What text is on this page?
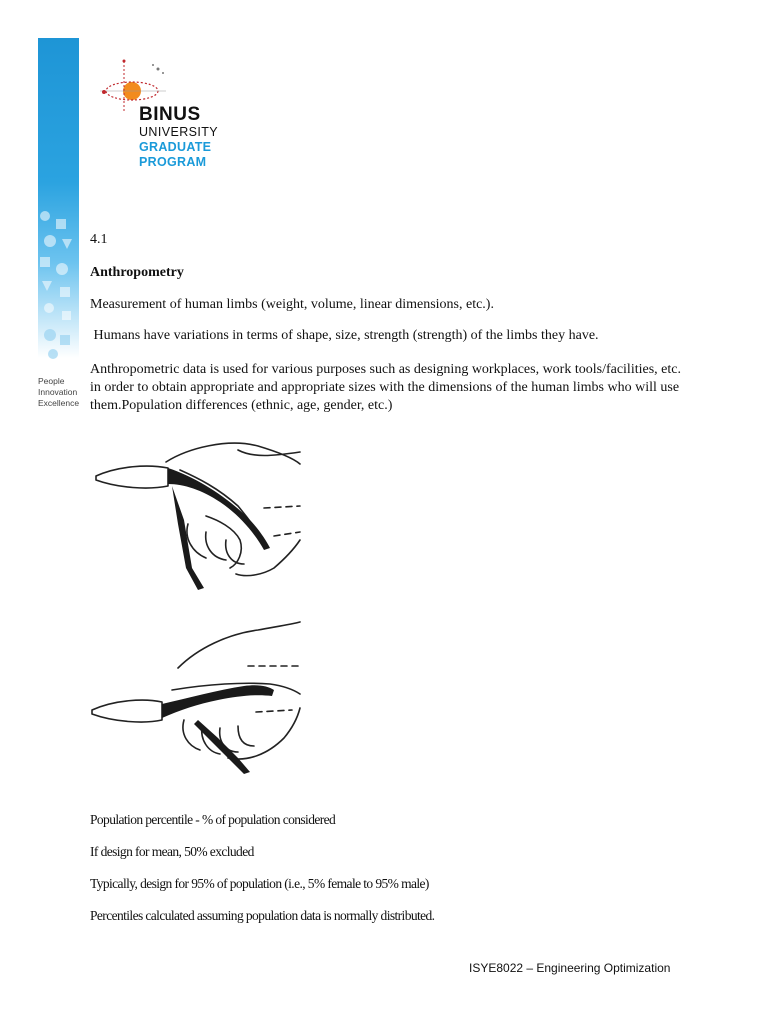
People
Innovation
Excellence
BINUS
UNIVERSITY
GRADUATE
PROGRAM
4.1
Anthropometry
Measurement of human limbs (weight, volume, linear dimensions, etc.).
Humans have variations in terms of shape, size, strength (strength) of the limbs they have.
Anthropometric data is used for various purposes such as designing workplaces, work tools/facilities, etc. in order to obtain appropriate and appropriate sizes with the dimensions of the human limbs who will use them.Population differences (ethnic, age, gender, etc.)
Population percentile - % of population considered
If design for mean, 50% excluded
Typically, design for 95% of population (i.e., 5% female to 95% male)
Percentiles calculated assuming population data is normally distributed.
ISYE8022 – Engineering Optimization
